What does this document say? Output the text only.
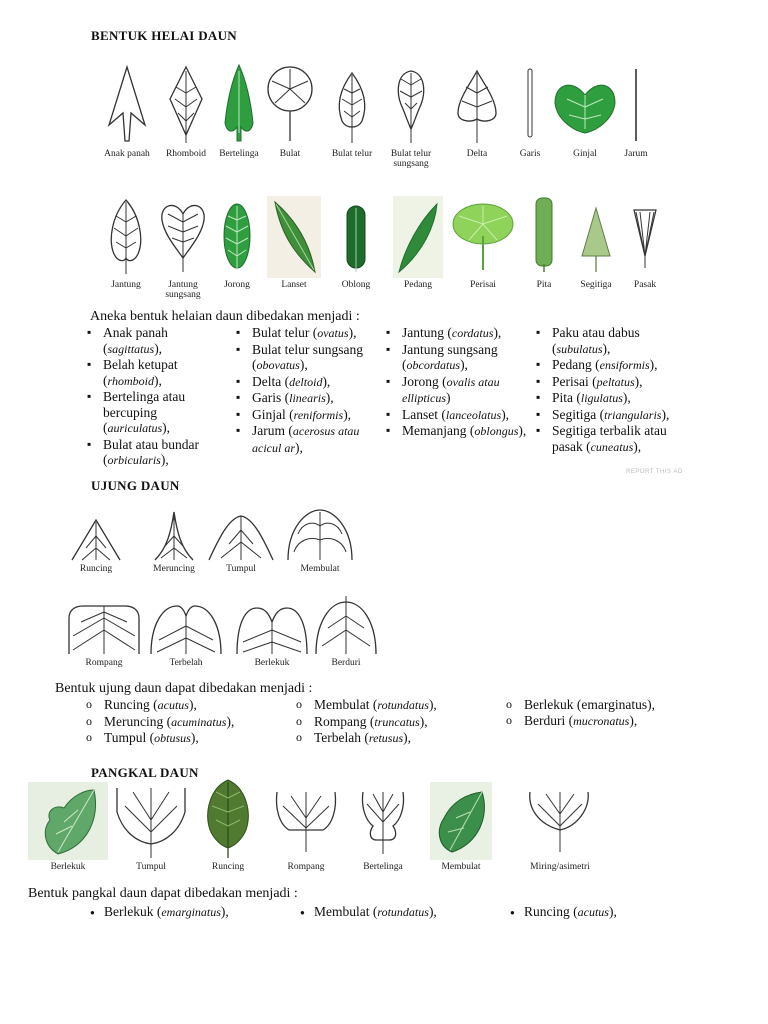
BENTUK HELAI DAUN
Anak panah	Rhomboid	Bertelinga	Bulat	Bulat telur	Bulat telur sungsang
Delta	Garis	Ginjal	Jarum
Jantung	Jantung sungsang
Jorong	Lanset	Oblong	Pedang	Perisai	Pita	Segitiga	Pasak
Aneka bentuk helaian daun dibedakan menjadi :
▪ Anak panah (sagittatus),
▪ Belah ketupat (rhomboid),
▪ Bertelinga atau bercuping (auriculatus),
▪ Bulat atau bundar (orbicularis),
▪ Bulat telur (ovatus),
▪ Bulat telur sungsang (obovatus),
▪ Delta (deltoid),
▪ Garis (linearis),
▪ Ginjal (reniformis),
▪ Jarum (acerosus atau acicul ar),
▪ Jantung (cordatus),
▪ Jantung sungsang (obcordatus),
▪ Jorong (ovalis atau ellipticus)
▪ Lanset (lanceolatus),
▪ Memanjang (oblongus),
▪ Paku atau dabus (subulatus),
▪ Pedang (ensiformis),
▪ Perisai (peltatus),
▪ Pita (ligulatus),
▪ Segitiga (triangularis),
▪ Segitiga terbalik atau pasak (cuneatus),
REPORT THIS AD
UJUNG DAUN
Runcing	Meruncing	Tumpul	Membulat
Rompang	Terbelah	Berlekuk	Berduri
Bentuk ujung daun dapat dibedakan menjadi :
o Runcing (acutus),
o Meruncing (acuminatus),
o Tumpul (obtusus),
o Membulat (rotundatus),
o Rompang (truncatus),
o Terbelah (retusus),
o Berlekuk (emarginatus),
o Berduri (mucronatus),
PANGKAL DAUN
Berlekuk	Tumpul	Runcing	Rompang	Bertelinga	Membulat	Miring/asimetri
Bentuk pangkal daun dapat dibedakan menjadi :
● Berlekuk (emarginatus),	● Membulat (rotundatus),	● Runcing (acutus),
